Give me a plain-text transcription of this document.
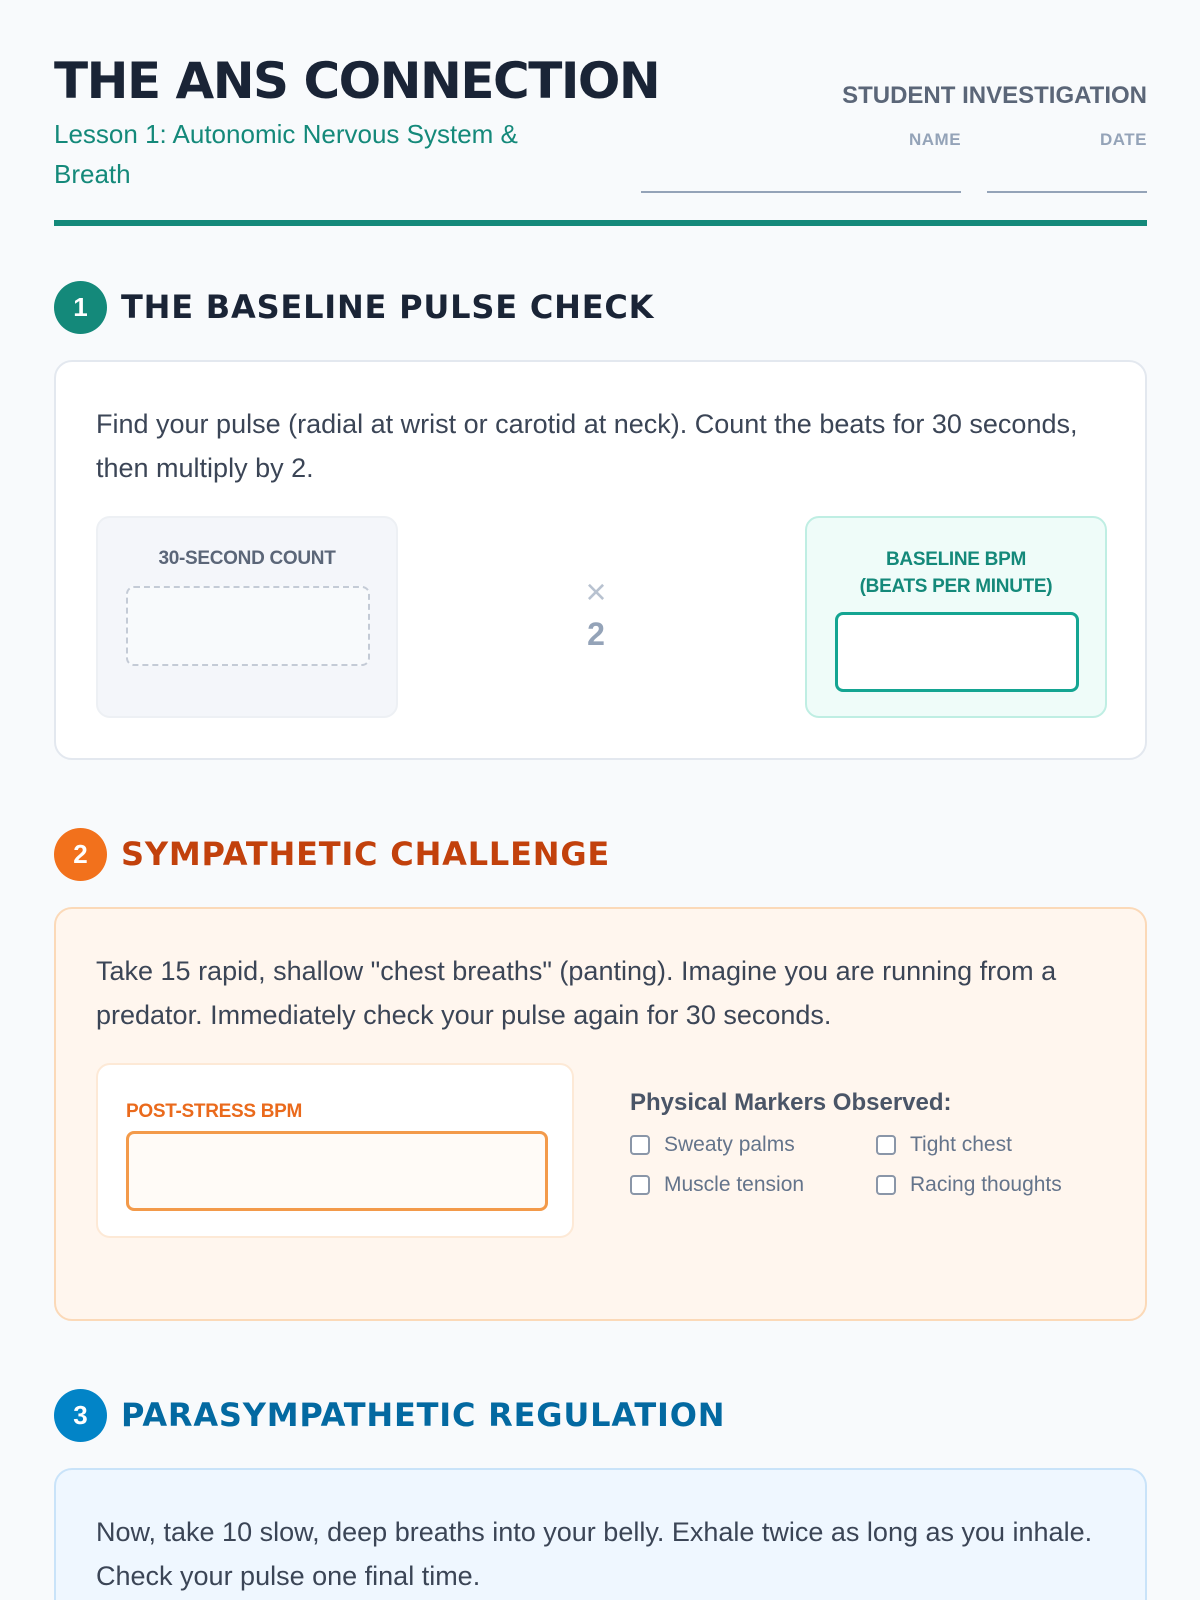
THE ANS CONNECTION
Lesson 1: Autonomic Nervous System & Breath
STUDENT INVESTIGATION
NAME	DATE
1	THE BASELINE PULSE CHECK
Find your pulse (radial at wrist or carotid at neck). Count the beats for 30 seconds, then multiply by 2.
30-SECOND COUNT
×
2
BASELINE BPM
(BEATS PER MINUTE)
2	SYMPATHETIC CHALLENGE
Take 15 rapid, shallow "chest breaths" (panting). Imagine you are running from a predator. Immediately check your pulse again for 30 seconds.
POST-STRESS BPM	Physical Markers Observed:
Sweaty palms	Tight chest
Muscle tension	Racing thoughts
3	PARASYMPATHETIC REGULATION
Now, take 10 slow, deep breaths into your belly. Exhale twice as long as you inhale. Check your pulse one final time.
